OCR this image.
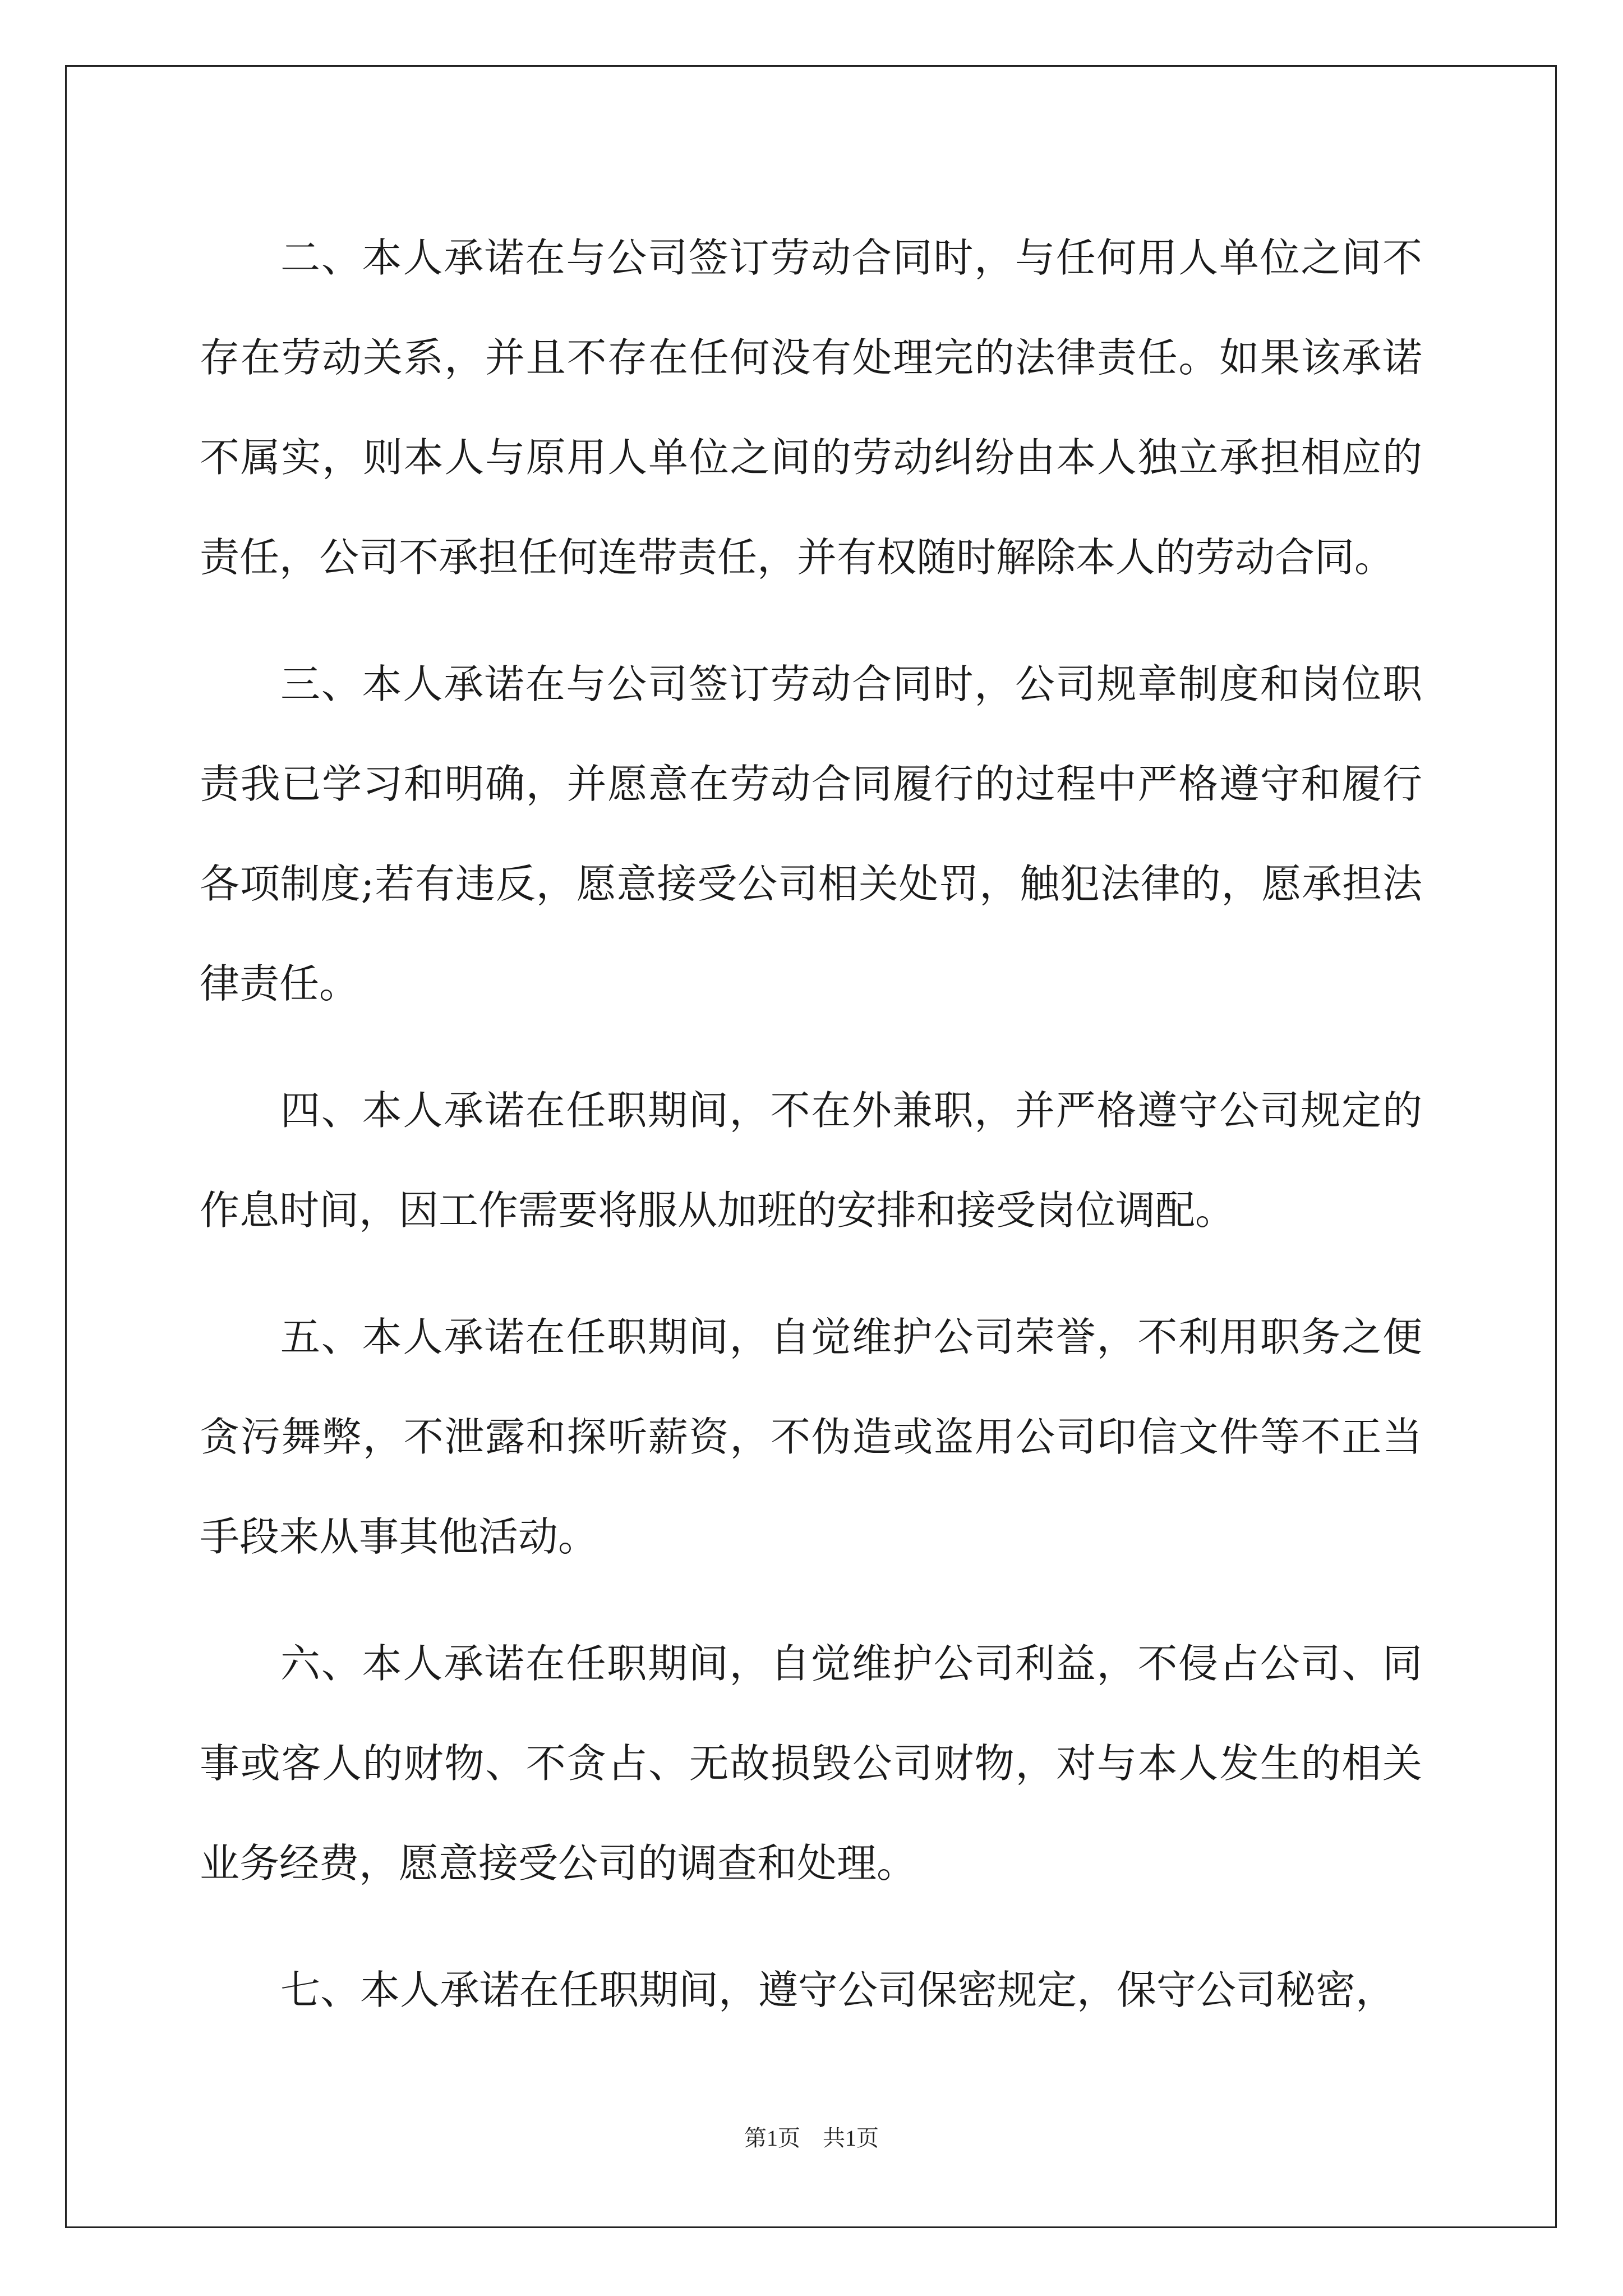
二、本人承诺在与公司签订劳动合同时，与任何用人单位之间不
存在劳动关系，并且不存在任何没有处理完的法律责任。如果该承诺
不属实，则本人与原用人单位之间的劳动纠纷由本人独立承担相应的
责任，公司不承担任何连带责任，并有权随时解除本人的劳动合同。
三、本人承诺在与公司签订劳动合同时，公司规章制度和岗位职
责我已学习和明确，并愿意在劳动合同履行的过程中严格遵守和履行
各项制度;若有违反，愿意接受公司相关处罚，触犯法律的，愿承担法
律责任。
四、本人承诺在任职期间，不在外兼职，并严格遵守公司规定的
作息时间，因工作需要将服从加班的安排和接受岗位调配。
五、本人承诺在任职期间，自觉维护公司荣誉，不利用职务之便
贪污舞弊，不泄露和探听薪资，不伪造或盗用公司印信文件等不正当
手段来从事其他活动。
六、本人承诺在任职期间，自觉维护公司利益，不侵占公司、同
事或客人的财物、不贪占、无故损毁公司财物，对与本人发生的相关
业务经费，愿意接受公司的调查和处理。
七、本人承诺在任职期间，遵守公司保密规定，保守公司秘密，
第1页 共1页
